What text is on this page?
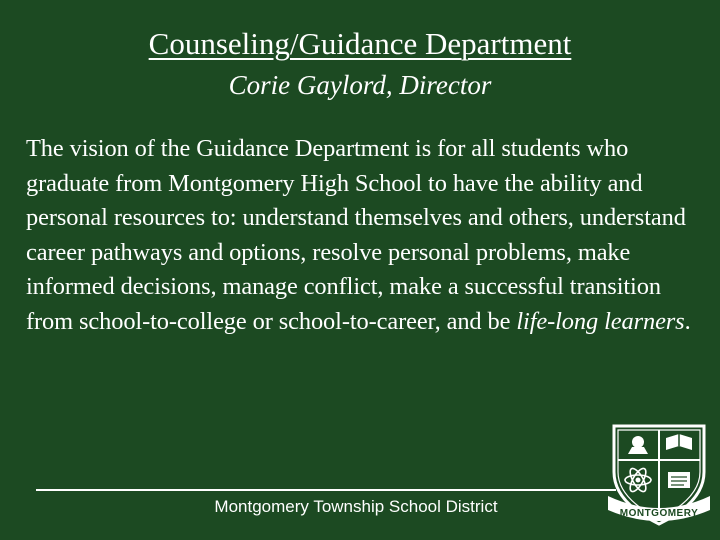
Counseling/Guidance Department
Corie Gaylord, Director
The vision of the Guidance Department is for all students who graduate from Montgomery High School to have the ability and personal resources to: understand themselves and others, understand career pathways and options, resolve personal problems, make informed decisions, manage conflict, make a successful transition from school-to-college or school-to-career, and be life-long learners.
Montgomery Township School District	MONTGOMERY
